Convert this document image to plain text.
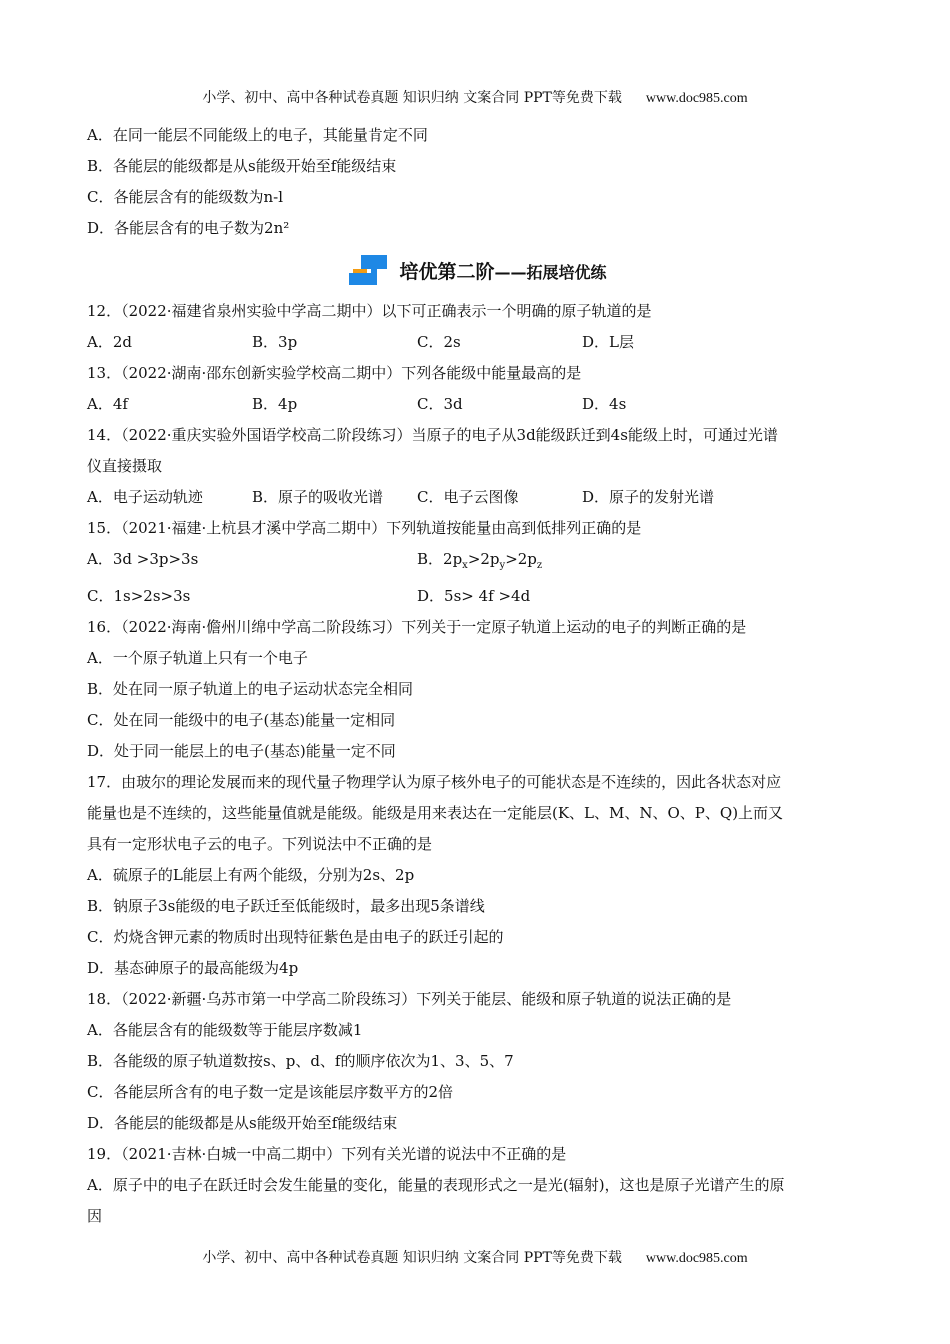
小学、初中、高中各种试卷真题 知识归纳 文案合同 PPT等免费下载 www.doc985.com
A．在同一能层不同能级上的电子，其能量肯定不同
B．各能层的能级都是从s能级开始至f能级结束
C．各能层含有的能级数为n-l
D．各能层含有的电子数为2n²
培优第二阶——拓展培优练
12．（2022·福建省泉州实验中学高二期中）以下可正确表示一个明确的原子轨道的是
A．2d	B．3p	C．2s	D．L层
13．（2022·湖南·邵东创新实验学校高二期中）下列各能级中能量最高的是
A．4f	B．4p	C．3d	D．4s
14．（2022·重庆实验外国语学校高二阶段练习）当原子的电子从3d能级跃迁到4s能级上时，可通过光谱
仪直接摄取
A．电子运动轨迹	B．原子的吸收光谱	C．电子云图像	D．原子的发射光谱
15．（2021·福建·上杭县才溪中学高二期中）下列轨道按能量由高到低排列正确的是
A．3d >3p>3s	B．$2p_x>2p_y>2p_z$
C．1s>2s>3s	D．5s> 4f >4d
16．（2022·海南·儋州川绵中学高二阶段练习）下列关于一定原子轨道上运动的电子的判断正确的是
A．一个原子轨道上只有一个电子
B．处在同一原子轨道上的电子运动状态完全相同
C．处在同一能级中的电子(基态)能量一定相同
D．处于同一能层上的电子(基态)能量一定不同
17．由玻尔的理论发展而来的现代量子物理学认为原子核外电子的可能状态是不连续的，因此各状态对应
能量也是不连续的，这些能量值就是能级。能级是用来表达在一定能层(K、L、M、N、O、P、Q)上而又
具有一定形状电子云的电子。下列说法中不正确的是
A．硫原子的L能层上有两个能级，分别为2s、2p
B．钠原子3s能级的电子跃迁至低能级时，最多出现5条谱线
C．灼烧含钾元素的物质时出现特征紫色是由电子的跃迁引起的
D．基态砷原子的最高能级为4p
18．（2022·新疆·乌苏市第一中学高二阶段练习）下列关于能层、能级和原子轨道的说法正确的是
A．各能层含有的能级数等于能层序数减1
B．各能级的原子轨道数按s、p、d、f的顺序依次为1、3、5、7
C．各能层所含有的电子数一定是该能层序数平方的2倍
D．各能层的能级都是从s能级开始至f能级结束
19．（2021·吉林·白城一中高二期中）下列有关光谱的说法中不正确的是
A．原子中的电子在跃迁时会发生能量的变化，能量的表现形式之一是光(辐射)，这也是原子光谱产生的原
因
小学、初中、高中各种试卷真题 知识归纳 文案合同 PPT等免费下载 www.doc985.com
